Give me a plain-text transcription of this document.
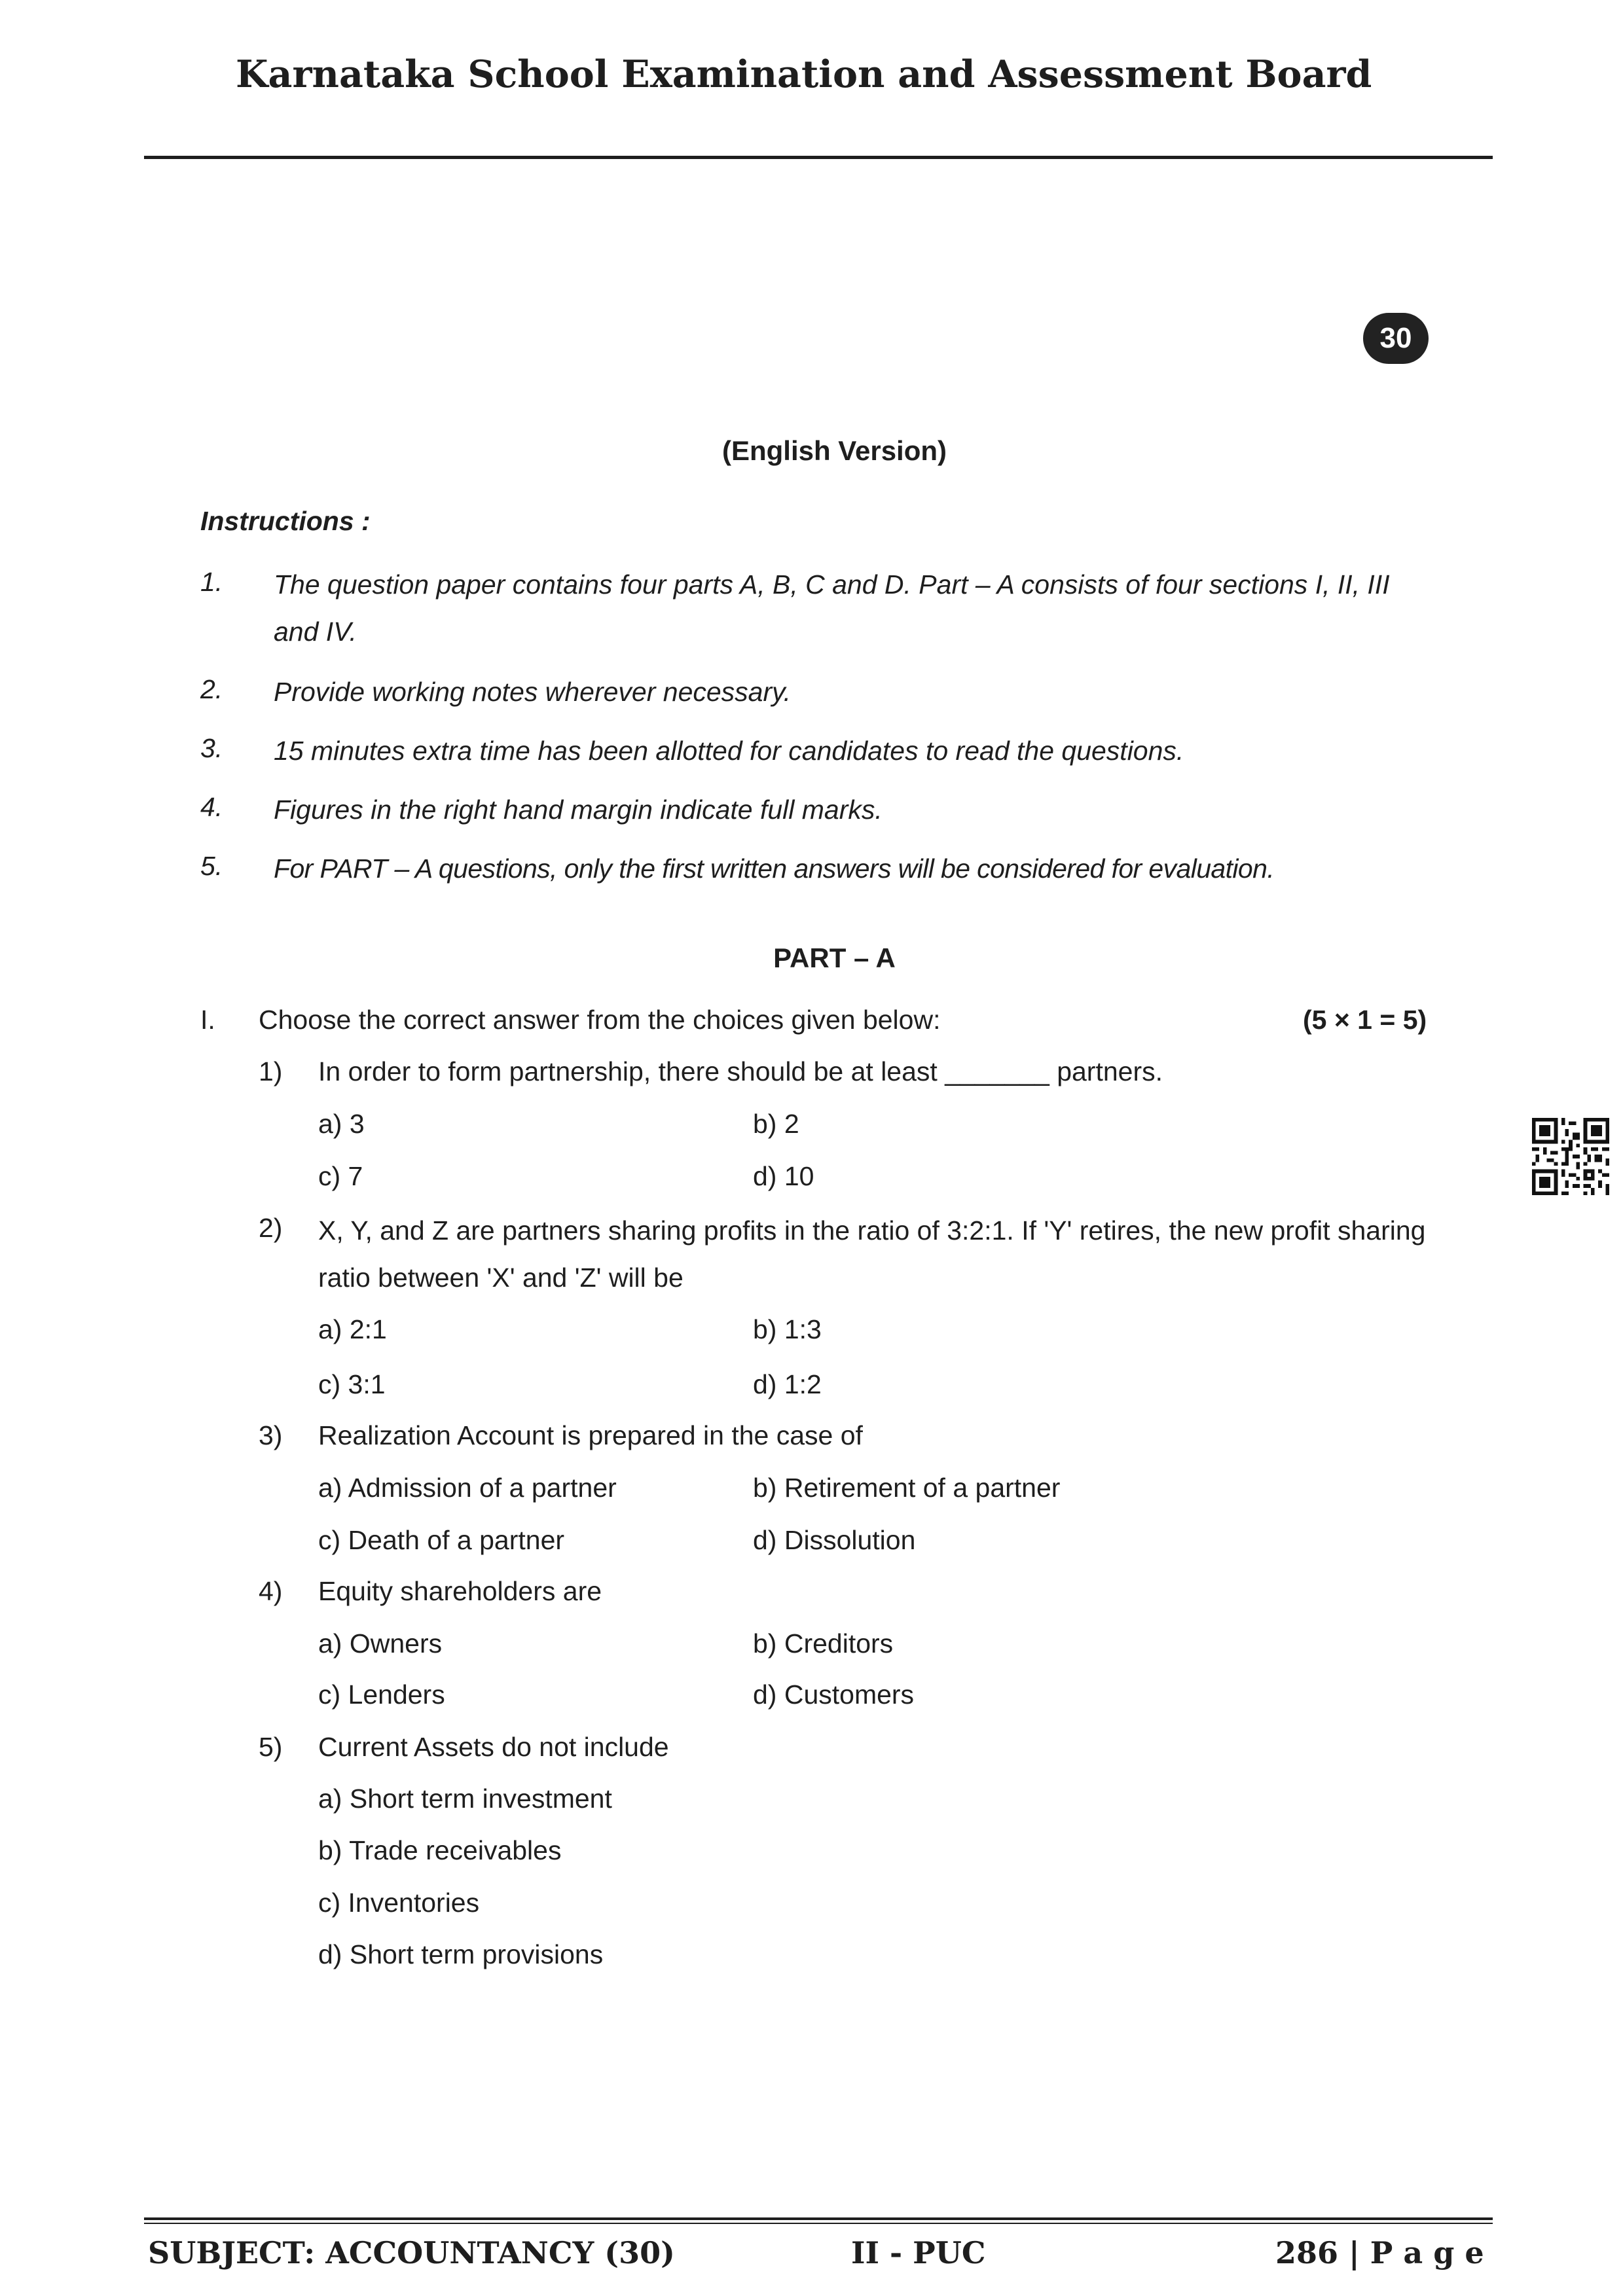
Karnataka School Examination and Assessment Board
30
(English Version)
Instructions :
1. The question paper contains four parts A, B, C and D. Part – A consists of four sections I, II, III and IV.
2. Provide working notes wherever necessary.
3. 15 minutes extra time has been allotted for candidates to read the questions.
4. Figures in the right hand margin indicate full marks.
5. For PART – A questions, only the first written answers will be considered for evaluation.
PART – A
I. Choose the correct answer from the choices given below:	(5 × 1 = 5)
1) In order to form partnership, there should be at least _______ partners.
a) 3	b) 2
c) 7	d) 10
2) X, Y, and Z are partners sharing profits in the ratio of 3:2:1. If 'Y' retires, the new profit sharing ratio between 'X' and 'Z' will be
a) 2:1	b) 1:3
c) 3:1	d) 1:2
3) Realization Account is prepared in the case of
a) Admission of a partner	b) Retirement of a partner
c) Death of a partner	d) Dissolution
4) Equity shareholders are
a) Owners	b) Creditors
c) Lenders	d) Customers
5) Current Assets do not include
a) Short term investment
b) Trade receivables
c) Inventories
d) Short term provisions
SUBJECT: ACCOUNTANCY (30)	II - PUC	286 | P a g e
